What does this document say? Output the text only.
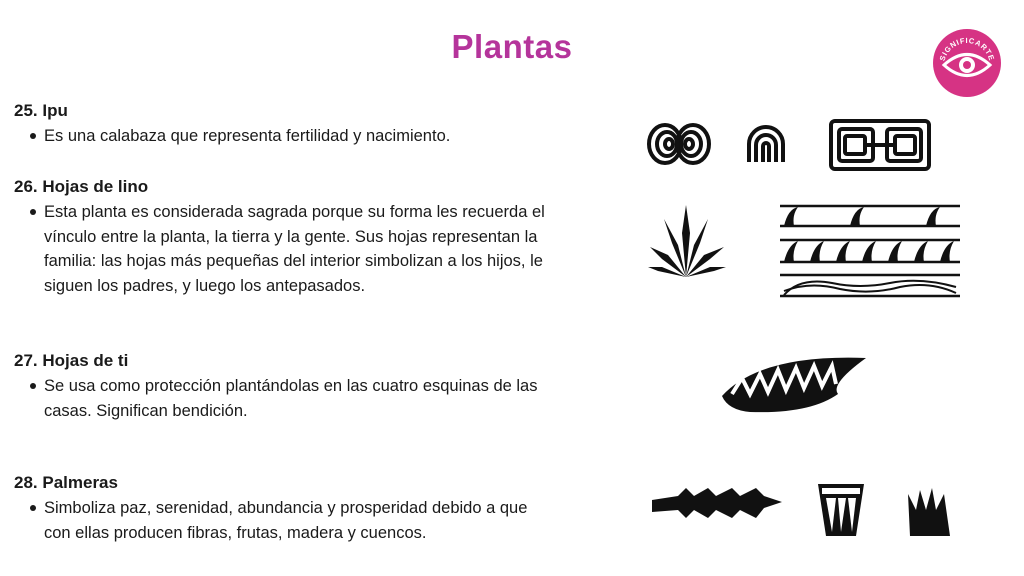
Plantas	SIGNIFICARTE
25. Ipu
Es una calabaza que representa fertilidad y nacimiento.
26. Hojas de lino
Esta planta es considerada sagrada porque su forma les recuerda el vínculo entre la planta, la tierra y la gente. Sus hojas representan la familia: las hojas más pequeñas del interior simbolizan a los hijos, le siguen los padres, y luego los antepasados.
27. Hojas de ti
Se usa como protección plantándolas en las cuatro esquinas de las casas. Significan bendición.
28. Palmeras
Simboliza paz, serenidad, abundancia y prosperidad debido a que con ellas producen fibras, frutas, madera y cuencos.
